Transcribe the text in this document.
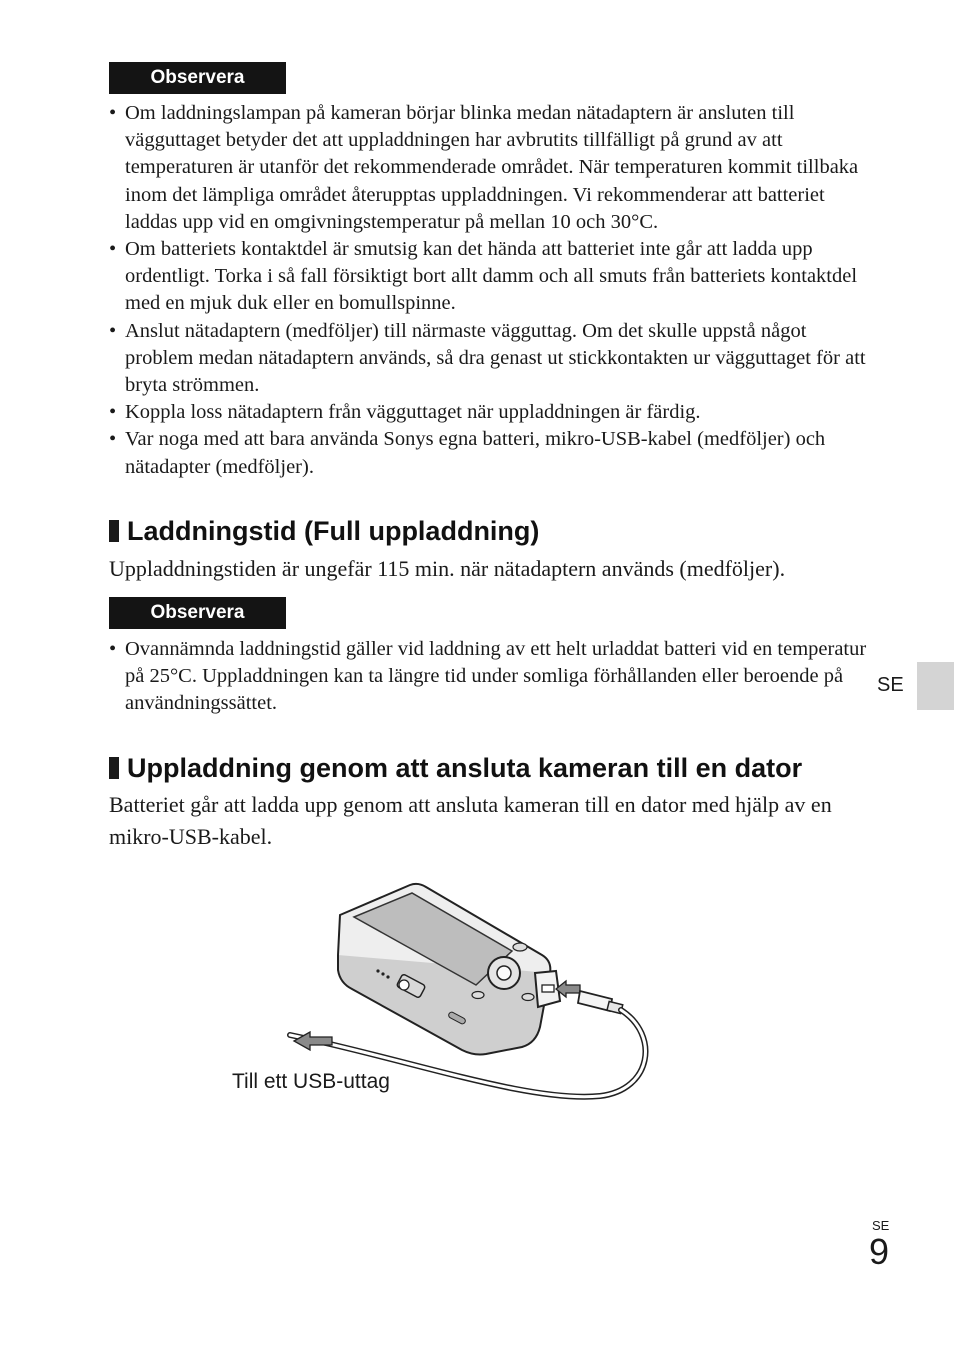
Observera
• Om laddningslampan på kameran börjar blinka medan nätadaptern är ansluten till vägguttaget betyder det att uppladdningen har avbrutits tillfälligt på grund av att temperaturen är utanför det rekommenderade området. När temperaturen kommit tillbaka inom det lämpliga området återupptas uppladdningen. Vi rekommenderar att batteriet laddas upp vid en omgivningstemperatur på mellan 10 och 30°C.
• Om batteriets kontaktdel är smutsig kan det hända att batteriet inte går att ladda upp ordentligt. Torka i så fall försiktigt bort allt damm och all smuts från batteriets kontaktdel med en mjuk duk eller en bomullspinne.
• Anslut nätadaptern (medföljer) till närmaste vägguttag. Om det skulle uppstå något problem medan nätadaptern används, så dra genast ut stickkontakten ur vägguttaget för att bryta strömmen.
• Koppla loss nätadaptern från vägguttaget när uppladdningen är färdig.
• Var noga med att bara använda Sonys egna batteri, mikro-USB-kabel (medföljer) och nätadapter (medföljer).
Laddningstid (Full uppladdning)

Uppladdningstiden är ungefär 115 min. när nätadaptern används (medföljer).

Observera
• Ovannämnda laddningstid gäller vid laddning av ett helt urladdat batteri vid en temperatur på 25°C. Uppladdningen kan ta längre tid under somliga förhållanden eller beroende på användningssättet.
Uppladdning genom att ansluta kameran till en dator

Batteriet går att ladda upp genom att ansluta kameran till en dator med hjälp av en mikro-USB-kabel.

Till ett USB-uttag
SE
SE
9
